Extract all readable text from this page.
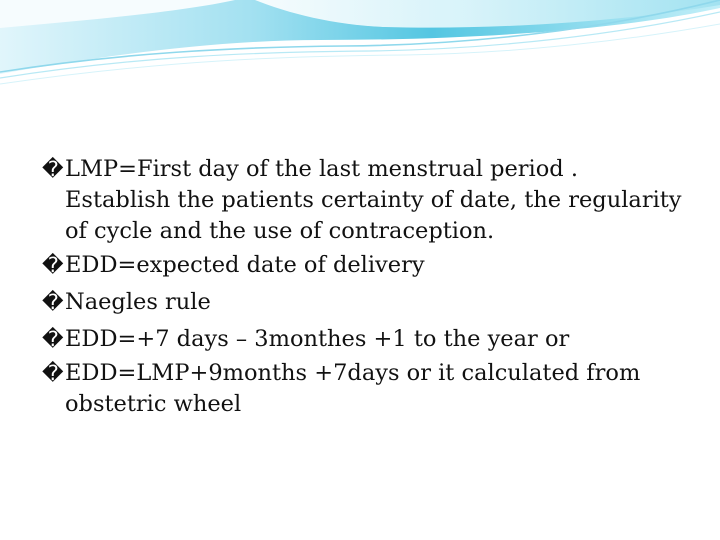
� LMP=First day of the last menstrual period . Establish the patients certainty of date, the regularity of cycle and the use of contraception.
� EDD=expected date of delivery
� Naegles rule
� EDD=+7 days – 3monthes +1 to the year or
� EDD=LMP+9months +7days or it calculated from obstetric wheel
